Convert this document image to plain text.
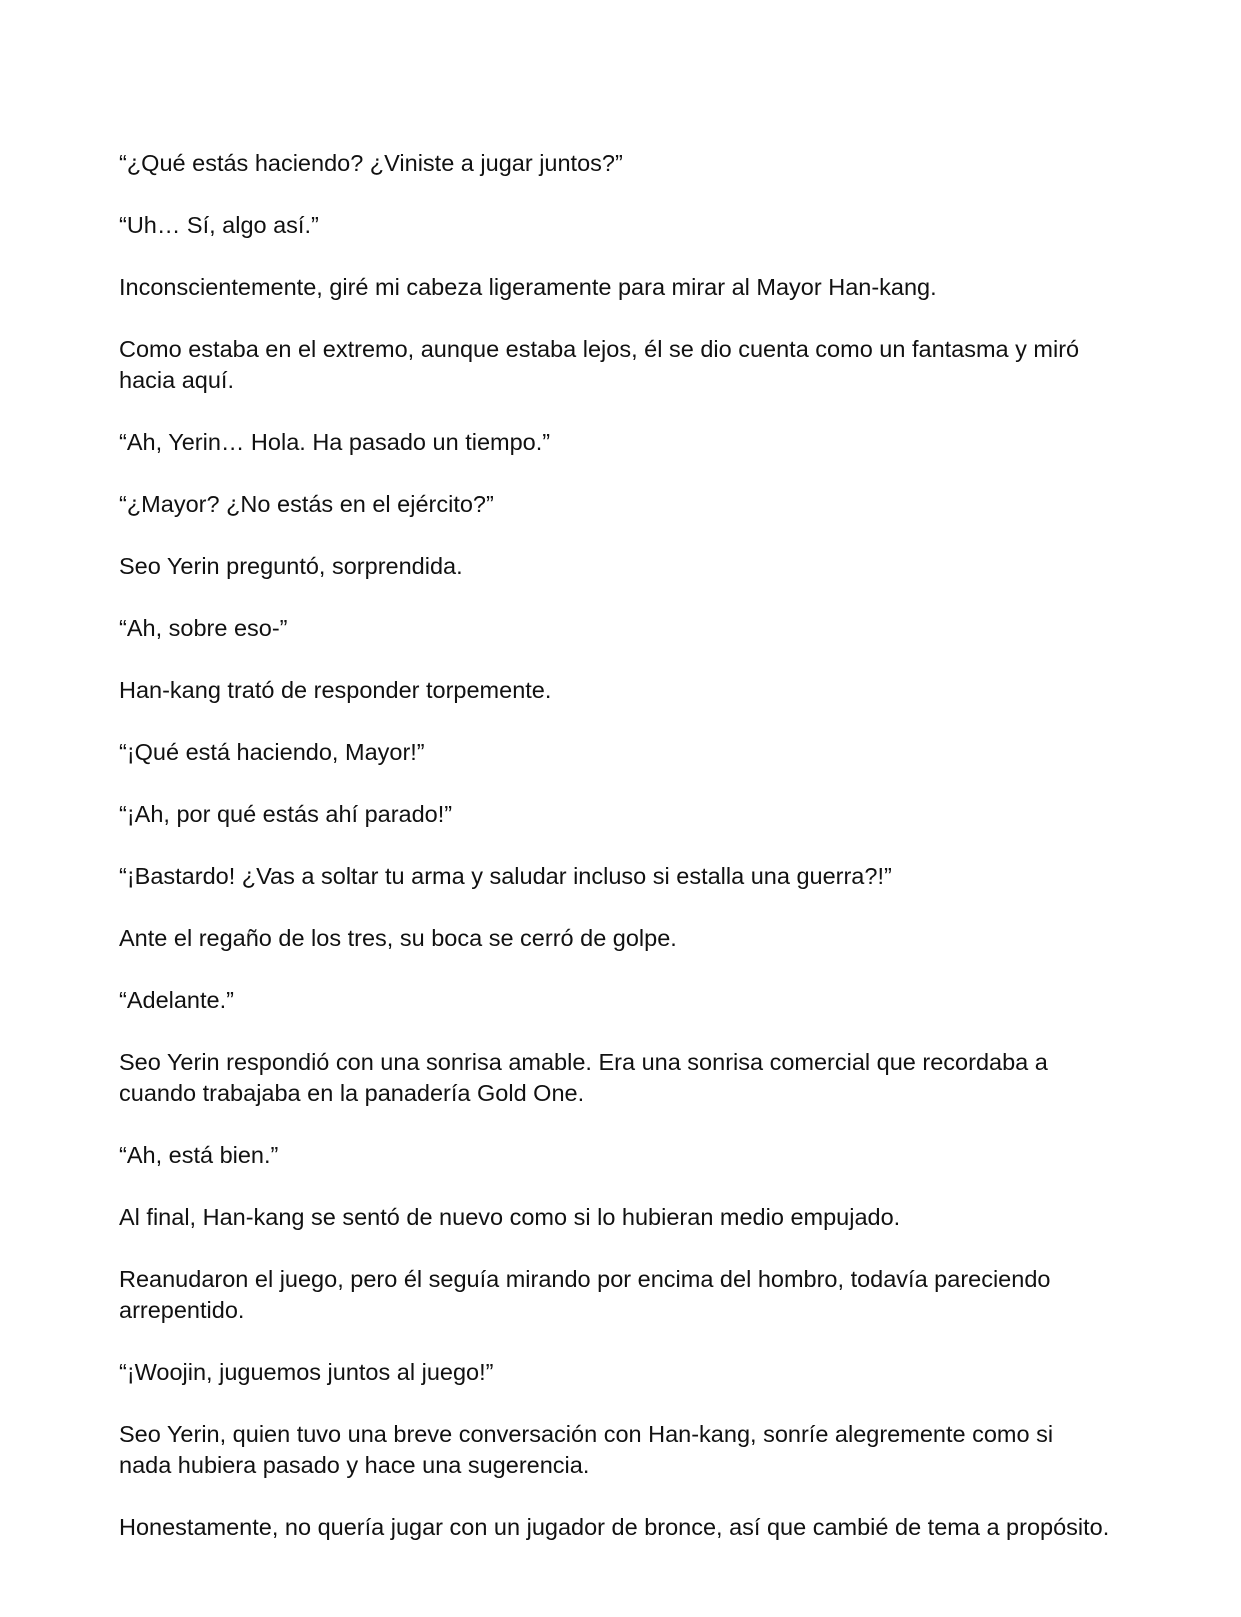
“¿Qué estás haciendo? ¿Viniste a jugar juntos?”

“Uh… Sí, algo así.”

Inconscientemente, giré mi cabeza ligeramente para mirar al Mayor Han-kang.

Como estaba en el extremo, aunque estaba lejos, él se dio cuenta como un fantasma y miró hacia aquí.

“Ah, Yerin… Hola. Ha pasado un tiempo.”

“¿Mayor? ¿No estás en el ejército?”

Seo Yerin preguntó, sorprendida.

“Ah, sobre eso-”

Han-kang trató de responder torpemente.

“¡Qué está haciendo, Mayor!”

“¡Ah, por qué estás ahí parado!”

“¡Bastardo! ¿Vas a soltar tu arma y saludar incluso si estalla una guerra?!”

Ante el regaño de los tres, su boca se cerró de golpe.

“Adelante.”

Seo Yerin respondió con una sonrisa amable. Era una sonrisa comercial que recordaba a cuando trabajaba en la panadería Gold One.

“Ah, está bien.”

Al final, Han-kang se sentó de nuevo como si lo hubieran medio empujado.

Reanudaron el juego, pero él seguía mirando por encima del hombro, todavía pareciendo arrepentido.

“¡Woojin, juguemos juntos al juego!”

Seo Yerin, quien tuvo una breve conversación con Han-kang, sonríe alegremente como si nada hubiera pasado y hace una sugerencia.

Honestamente, no quería jugar con un jugador de bronce, así que cambié de tema a propósito.
